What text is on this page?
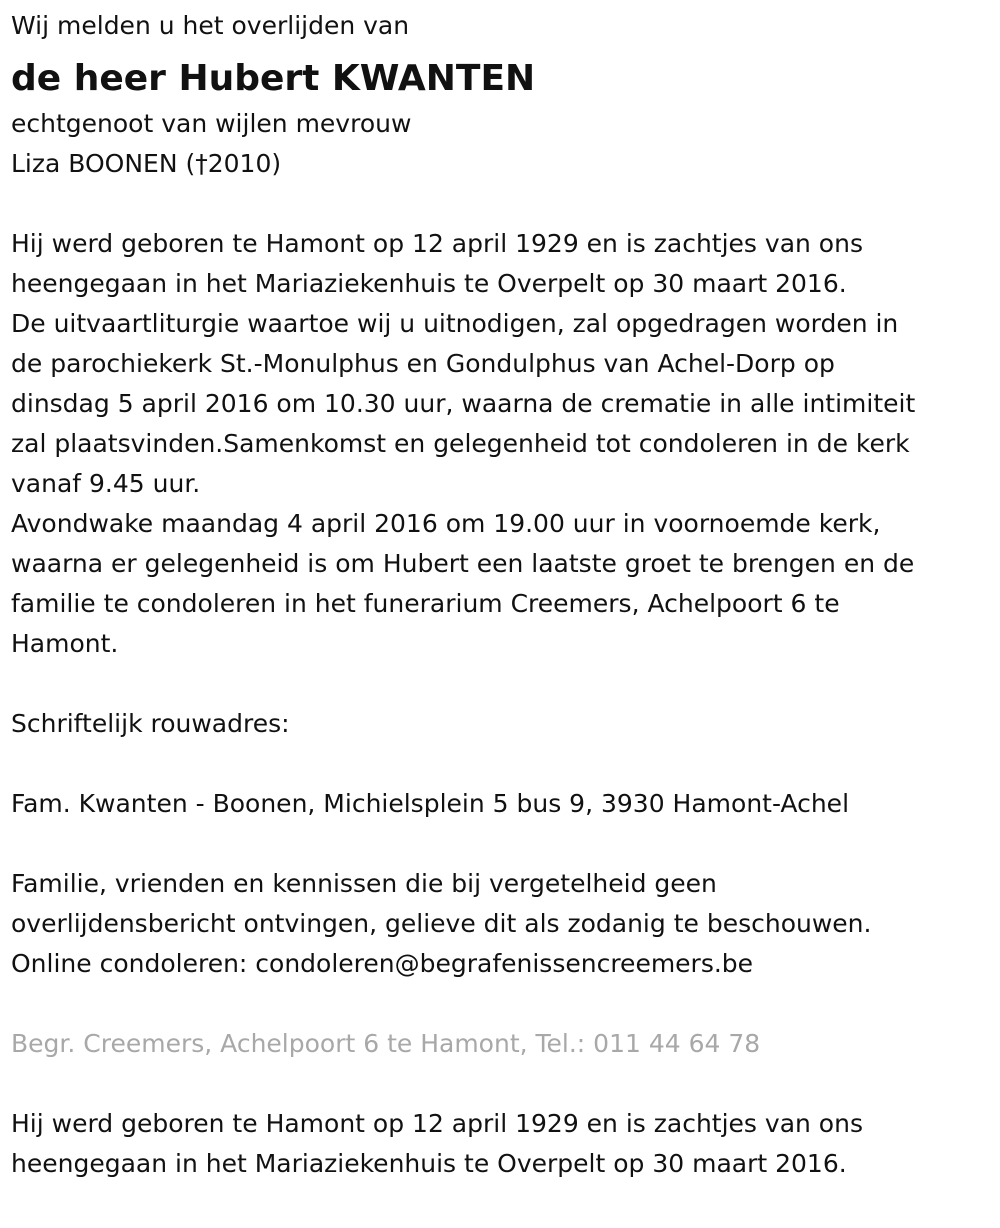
Wij melden u het overlijden van
de heer Hubert KWANTEN
echtgenoot van wijlen mevrouw
Liza BOONEN (†2010)
Hij werd geboren te Hamont op 12 april 1929 en is zachtjes van ons
heengegaan in het Mariaziekenhuis te Overpelt op 30 maart 2016.
De uitvaartliturgie waartoe wij u uitnodigen, zal opgedragen worden in
de parochiekerk St.-Monulphus en Gondulphus van Achel-Dorp op
dinsdag 5 april 2016 om 10.30 uur, waarna de crematie in alle intimiteit
zal plaatsvinden.Samenkomst en gelegenheid tot condoleren in de kerk
vanaf 9.45 uur.
Avondwake maandag 4 april 2016 om 19.00 uur in voornoemde kerk,
waarna er gelegenheid is om Hubert een laatste groet te brengen en de
familie te condoleren in het funerarium Creemers, Achelpoort 6 te
Hamont.
Schriftelijk rouwadres:
Fam. Kwanten - Boonen, Michielsplein 5 bus 9, 3930 Hamont-Achel
Familie, vrienden en kennissen die bij vergetelheid geen
overlijdensbericht ontvingen, gelieve dit als zodanig te beschouwen.
Online condoleren: condoleren@begrafenissencreemers.be
Begr. Creemers, Achelpoort 6 te Hamont, Tel.: 011 44 64 78
Hij werd geboren te Hamont op 12 april 1929 en is zachtjes van ons
heengegaan in het Mariaziekenhuis te Overpelt op 30 maart 2016.
